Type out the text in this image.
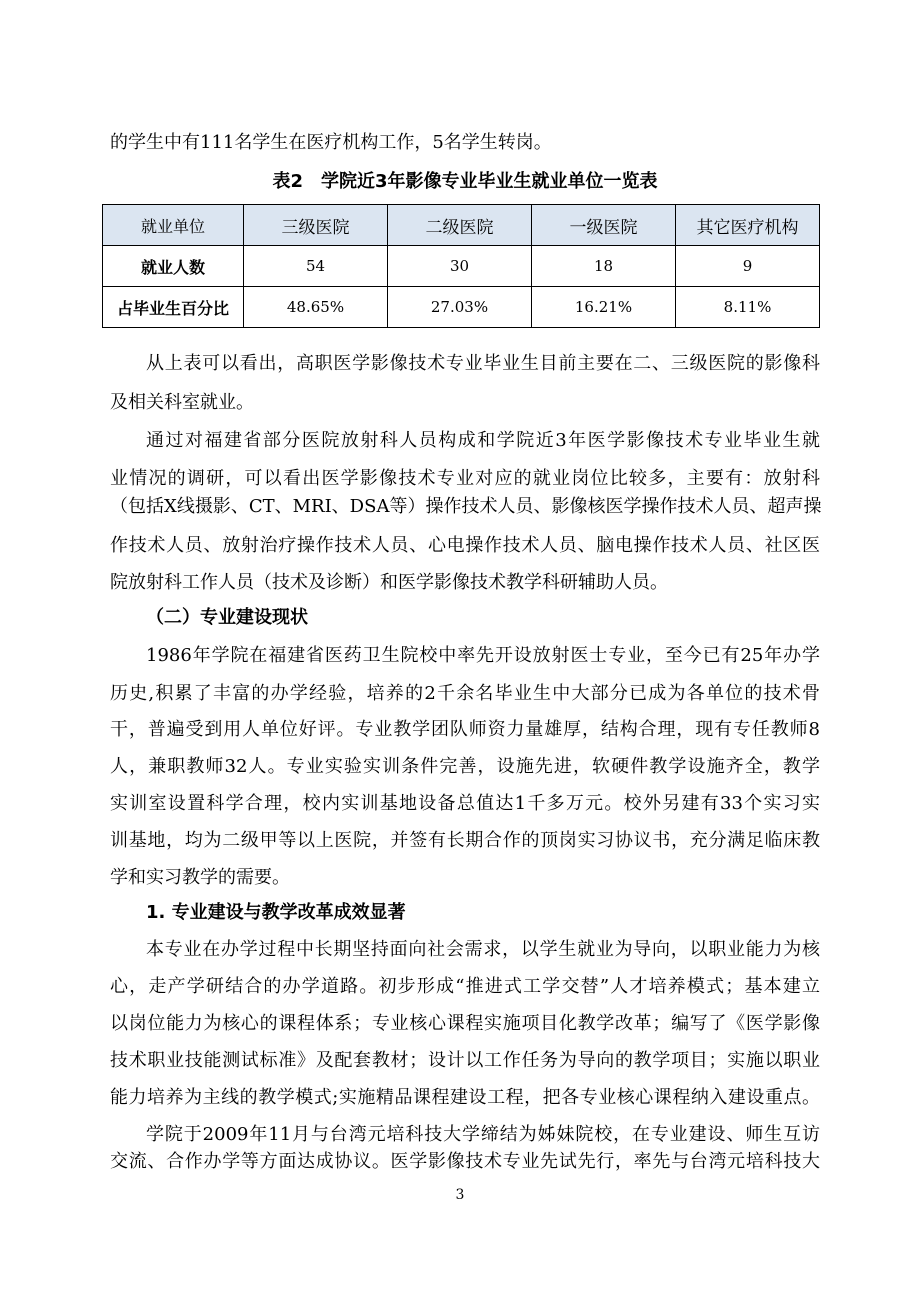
的学生中有111名学生在医疗机构工作，5名学生转岗。
表2　学院近3年影像专业毕业生就业单位一览表
就业单位	三级医院	二级医院	一级医院	其它医疗机构
就业人数	54	30	18	9
占毕业生百分比	48.65%	27.03%	16.21%	8.11%
从上表可以看出，高职医学影像技术专业毕业生目前主要在二、三级医院的影像科
及相关科室就业。
通过对福建省部分医院放射科人员构成和学院近3年医学影像技术专业毕业生就
业情况的调研，可以看出医学影像技术专业对应的就业岗位比较多，主要有：放射科
（包括X线摄影、CT、MRI、DSA等）操作技术人员、影像核医学操作技术人员、超声操
作技术人员、放射治疗操作技术人员、心电操作技术人员、脑电操作技术人员、社区医
院放射科工作人员（技术及诊断）和医学影像技术教学科研辅助人员。
（二）专业建设现状
1986年学院在福建省医药卫生院校中率先开设放射医士专业，至今已有25年办学
历史,积累了丰富的办学经验，培养的2千余名毕业生中大部分已成为各单位的技术骨
干，普遍受到用人单位好评。专业教学团队师资力量雄厚，结构合理，现有专任教师8
人，兼职教师32人。专业实验实训条件完善，设施先进，软硬件教学设施齐全，教学
实训室设置科学合理，校内实训基地设备总值达1千多万元。校外另建有33个实习实
训基地，均为二级甲等以上医院，并签有长期合作的顶岗实习协议书，充分满足临床教
学和实习教学的需要。
1. 专业建设与教学改革成效显著
本专业在办学过程中长期坚持面向社会需求，以学生就业为导向，以职业能力为核
心，走产学研结合的办学道路。初步形成“推进式工学交替”人才培养模式；基本建立
以岗位能力为核心的课程体系；专业核心课程实施项目化教学改革；编写了《医学影像
技术职业技能测试标准》及配套教材；设计以工作任务为导向的教学项目；实施以职业
能力培养为主线的教学模式;实施精品课程建设工程，把各专业核心课程纳入建设重点。
学院于2009年11月与台湾元培科技大学缔结为姊妹院校，在专业建设、师生互访
交流、合作办学等方面达成协议。医学影像技术专业先试先行，率先与台湾元培科技大
3
